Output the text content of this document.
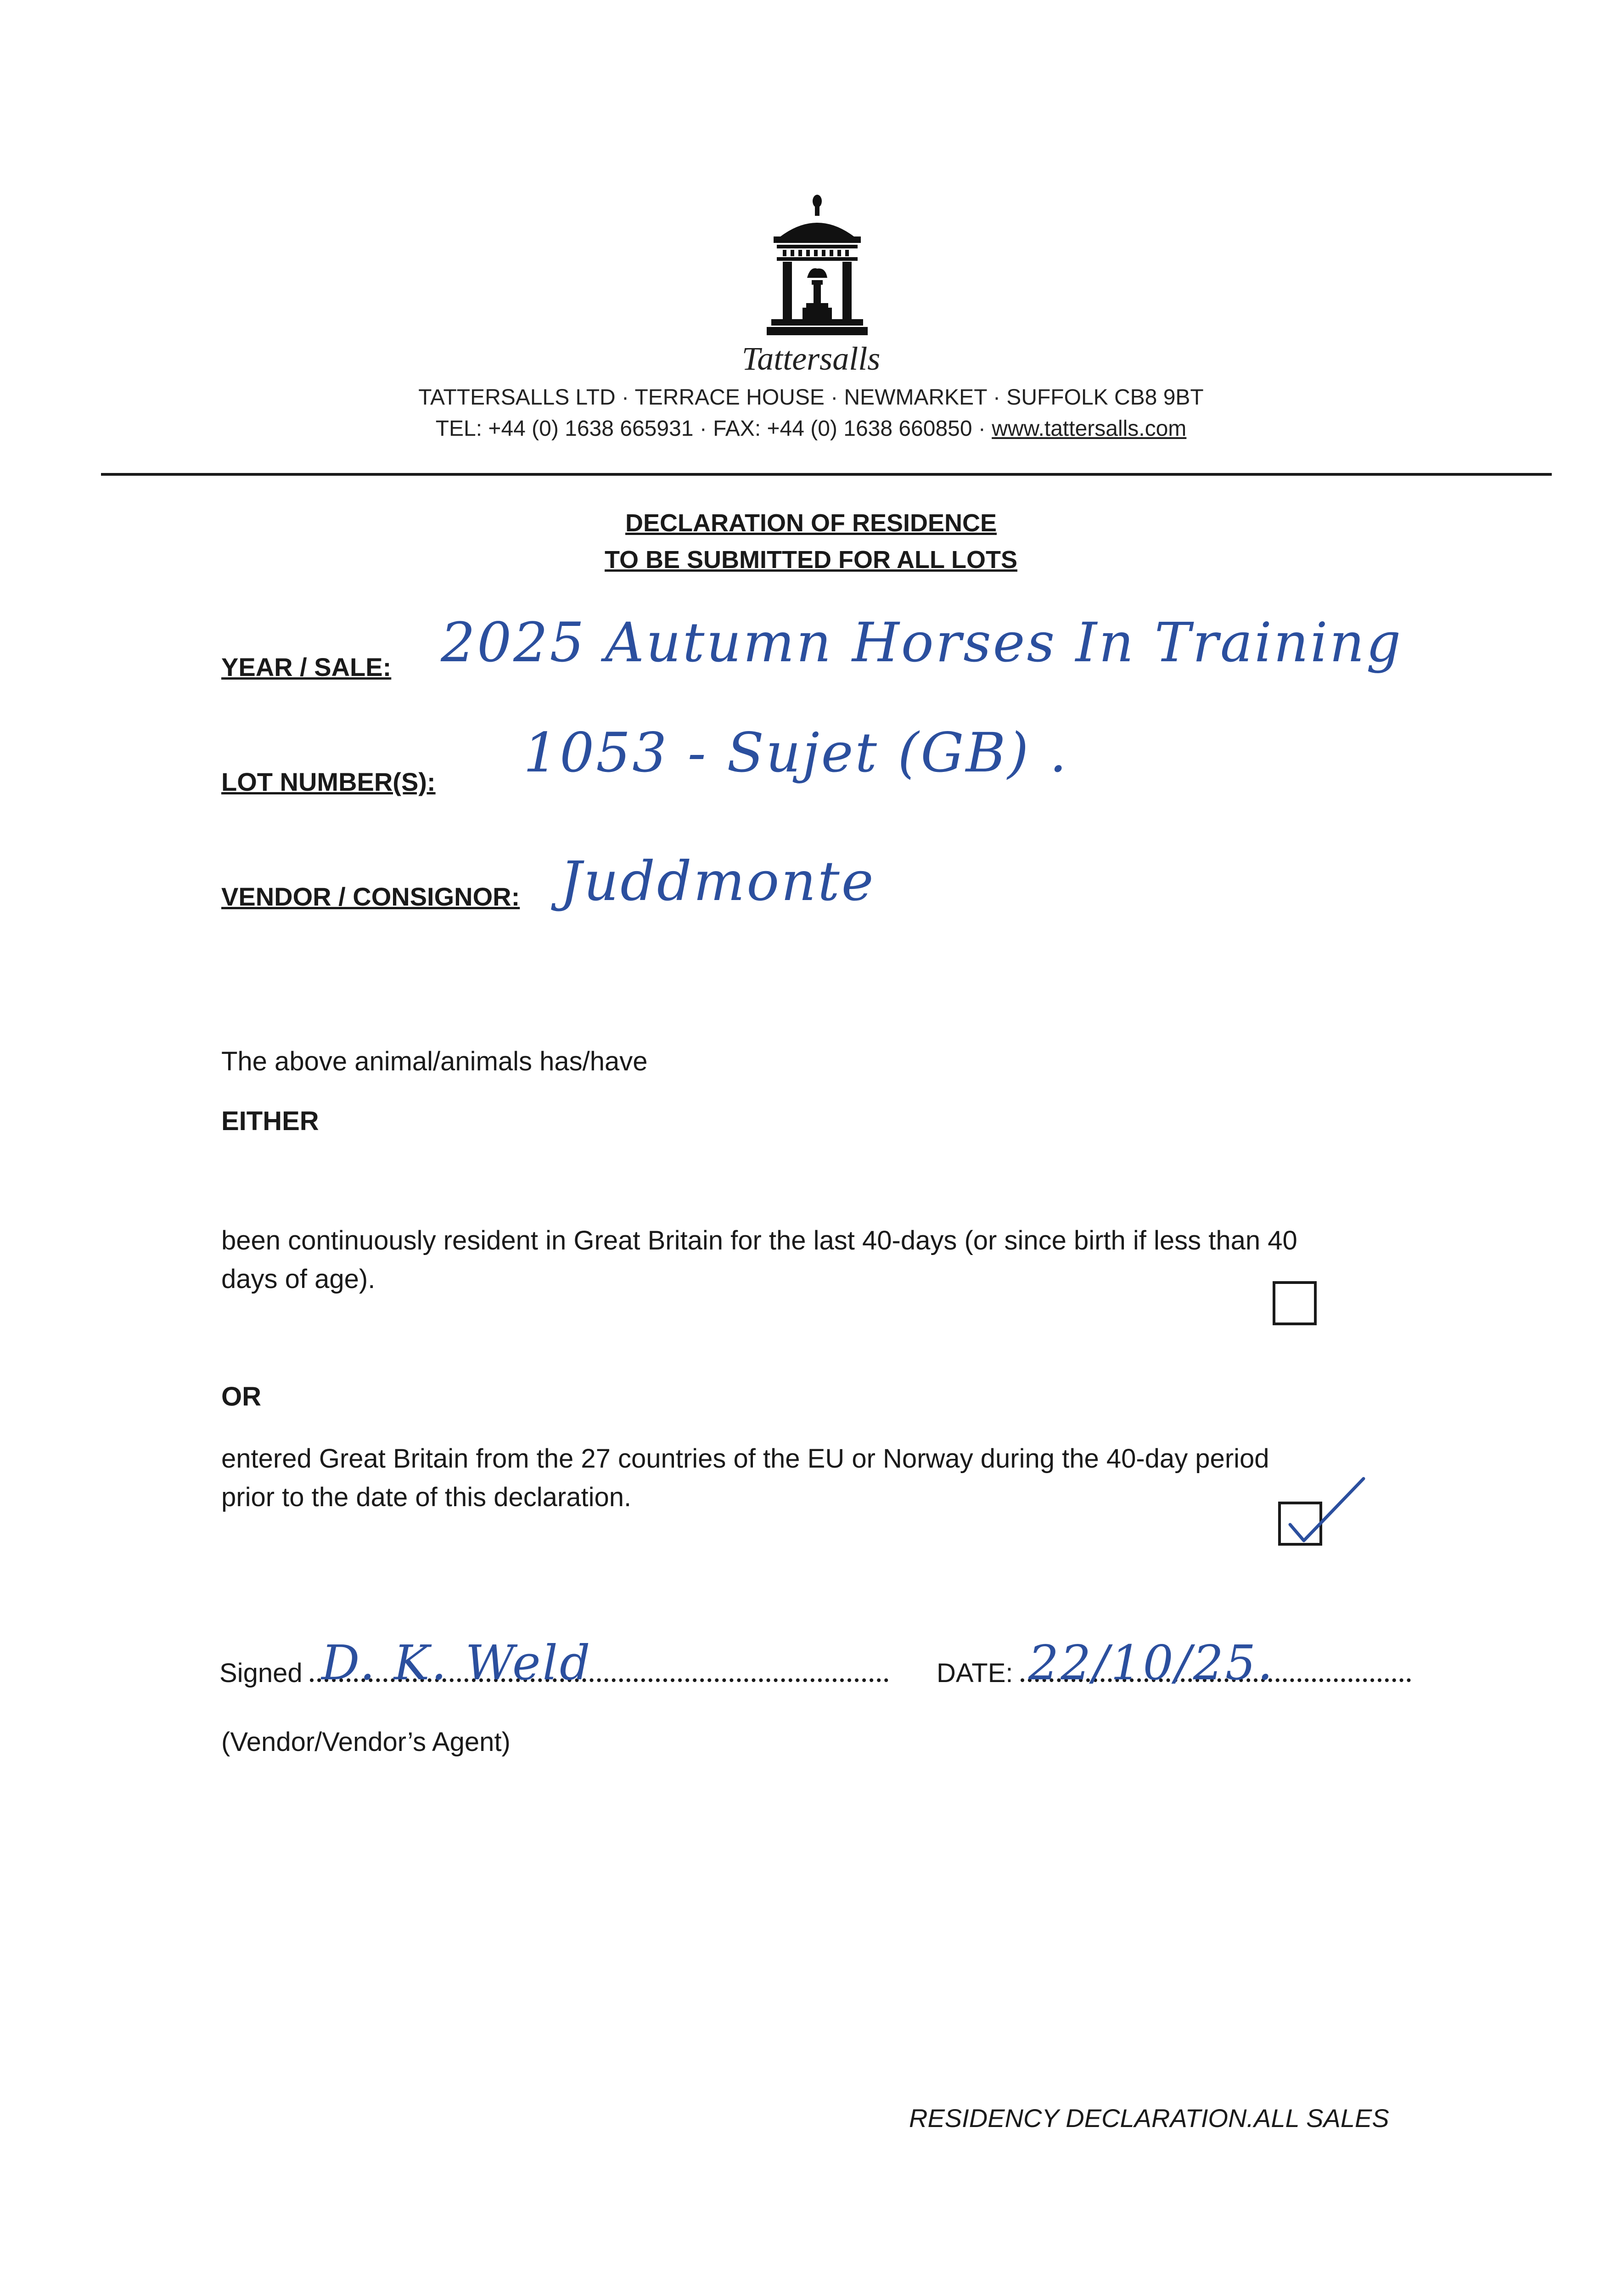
Tattersalls
TATTERSALLS LTD · TERRACE HOUSE · NEWMARKET · SUFFOLK CB8 9BT
TEL: +44 (0) 1638 665931 · FAX: +44 (0) 1638 660850 · www.tattersalls.com
DECLARATION OF RESIDENCE
TO BE SUBMITTED FOR ALL LOTS
YEAR / SALE: 2025 Autumn Horses In Training
LOT NUMBER(S): 1053 - Sujet (GB) .
VENDOR / CONSIGNOR: Juddmonte
The above animal/animals has/have
EITHER
been continuously resident in Great Britain for the last 40-days (or since birth if less than 40
days of age).
OR
entered Great Britain from the 27 countries of the EU or Norway during the 40-day period
prior to the date of this declaration.
Signed D. K. Weld	DATE: 22/10/25.
(Vendor/Vendor’s Agent)
RESIDENCY DECLARATION.ALL SALES
